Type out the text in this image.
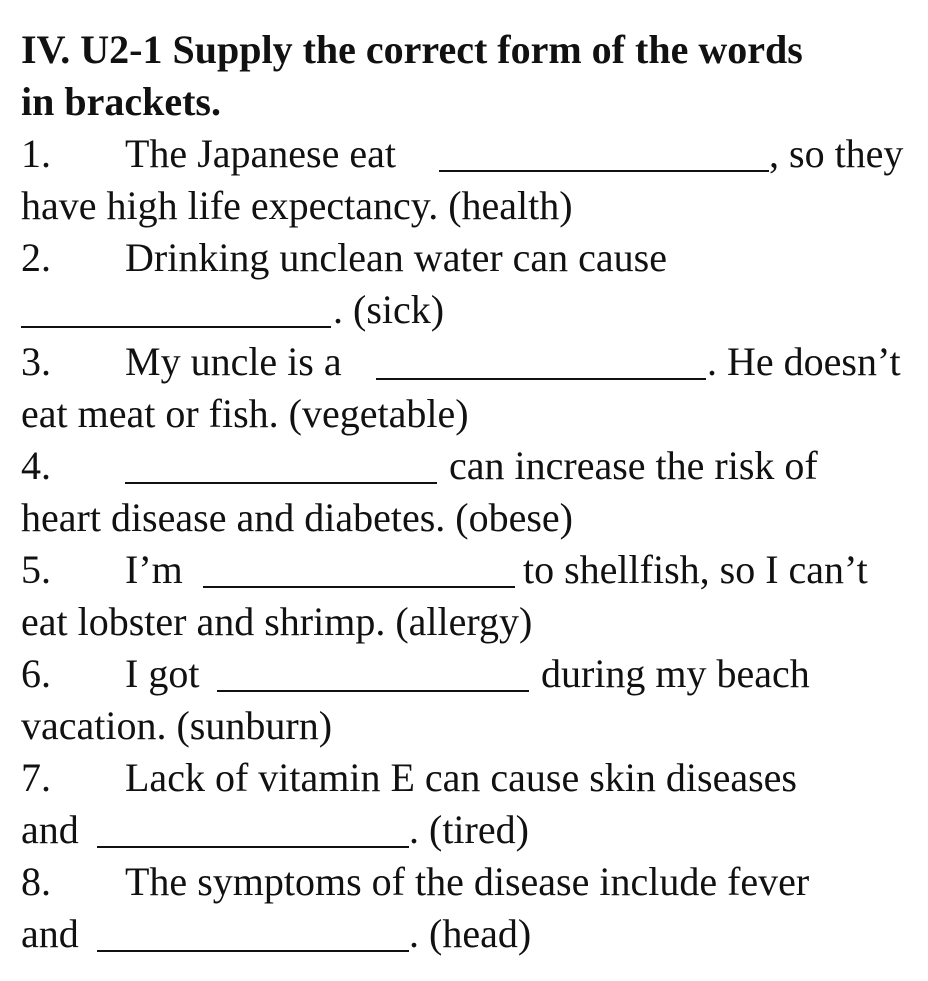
IV. U2-1 Supply the correct form of the words
in brackets.
1. The Japanese eat	, so they
have high life expectancy. (health)
2. Drinking unclean water can cause
. (sick)
3. My uncle is a	. He doesn’t
eat meat or fish. (vegetable)
4.	can increase the risk of
heart disease and diabetes. (obese)
5. I’m	to shellfish, so I can’t
eat lobster and shrimp. (allergy)
6. I got	during my beach
vacation. (sunburn)
7. Lack of vitamin E can cause skin diseases
and	. (tired)
8. The symptoms of the disease include fever
and	. (head)
